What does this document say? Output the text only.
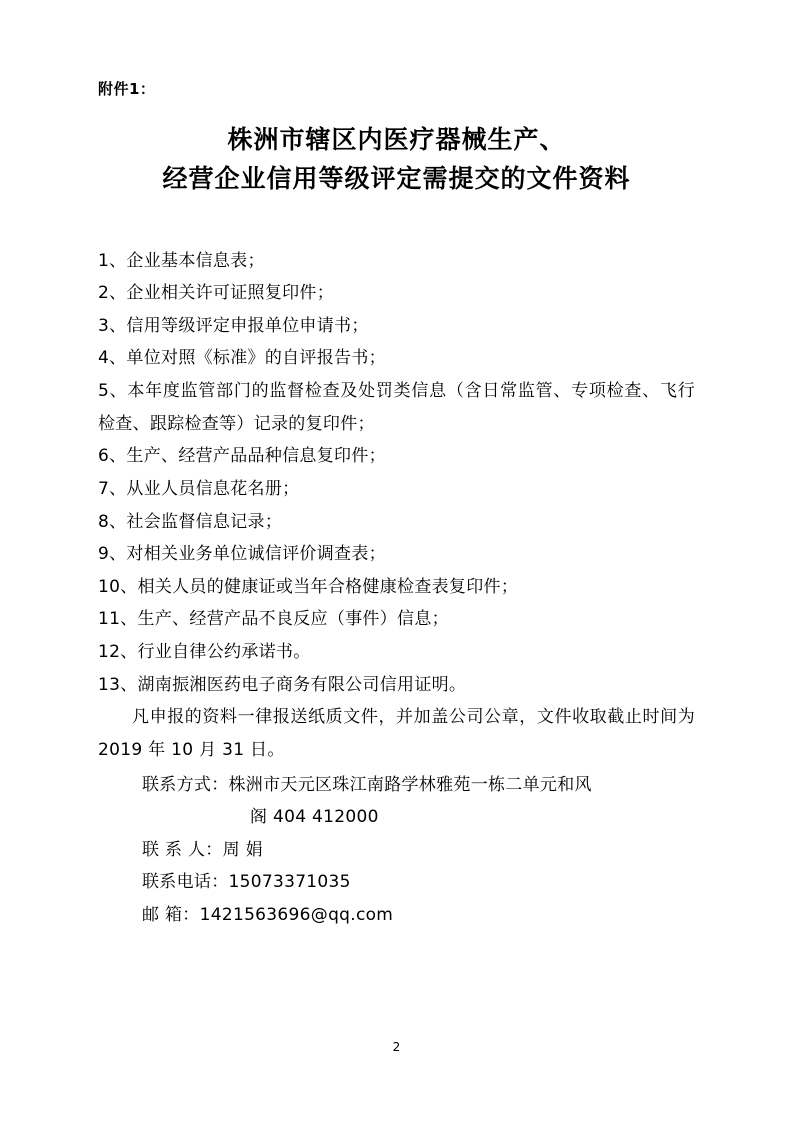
附件1：
株洲市辖区内医疗器械生产、
经营企业信用等级评定需提交的文件资料
1、企业基本信息表；
2、企业相关许可证照复印件；
3、信用等级评定申报单位申请书；
4、单位对照《标准》的自评报告书；
5、本年度监管部门的监督检查及处罚类信息（含日常监管、专项检查、飞行检查、跟踪检查等）记录的复印件；
6、生产、经营产品品种信息复印件；
7、从业人员信息花名册；
8、社会监督信息记录；
9、对相关业务单位诚信评价调查表；
10、相关人员的健康证或当年合格健康检查表复印件；
11、生产、经营产品不良反应（事件）信息；
12、行业自律公约承诺书。
13、湖南振湘医药电子商务有限公司信用证明。

凡申报的资料一律报送纸质文件，并加盖公司公章，文件收取截止时间为 2019 年 10 月 31 日。

联系方式：株洲市天元区珠江南路学林雅苑一栋二单元和风

阁 404 412000

联 系 人：周 娟

联系电话：15073371035

邮 箱：1421563696@qq.com

2
